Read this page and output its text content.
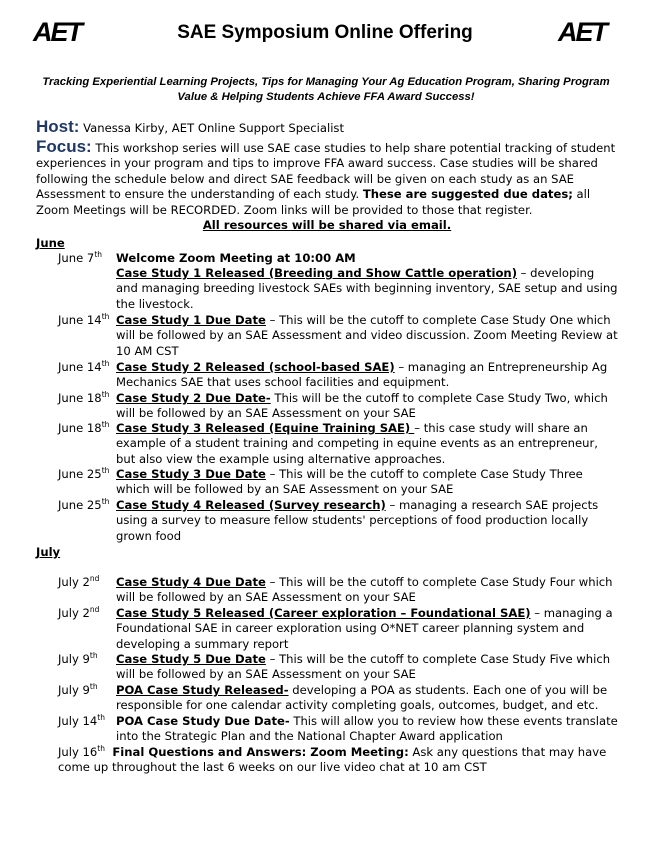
AET	SAE Symposium Online Offering	AET
Tracking Experiential Learning Projects, Tips for Managing Your Ag Education Program, Sharing Program Value & Helping Students Achieve FFA Award Success!
Host: Vanessa Kirby, AET Online Support Specialist
Focus: This workshop series will use SAE case studies to help share potential tracking of student experiences in your program and tips to improve FFA award success. Case studies will be shared following the schedule below and direct SAE feedback will be given on each study as an SAE Assessment to ensure the understanding of each study. These are suggested due dates; all Zoom Meetings will be RECORDED. Zoom links will be provided to those that register.
All resources will be shared via email.
June
June 7th Welcome Zoom Meeting at 10:00 AM
Case Study 1 Released (Breeding and Show Cattle operation) – developing and managing breeding livestock SAEs with beginning inventory, SAE setup and using the livestock.
June 14th Case Study 1 Due Date – This will be the cutoff to complete Case Study One which will be followed by an SAE Assessment and video discussion. Zoom Meeting Review at 10 AM CST
June 14th Case Study 2 Released (school-based SAE) – managing an Entrepreneurship Ag Mechanics SAE that uses school facilities and equipment.
June 18th Case Study 2 Due Date- This will be the cutoff to complete Case Study Two, which will be followed by an SAE Assessment on your SAE
June 18th Case Study 3 Released (Equine Training SAE) – this case study will share an example of a student training and competing in equine events as an entrepreneur, but also view the example using alternative approaches.
June 25th Case Study 3 Due Date – This will be the cutoff to complete Case Study Three which will be followed by an SAE Assessment on your SAE
June 25th Case Study 4 Released (Survey research) – managing a research SAE projects using a survey to measure fellow students' perceptions of food production locally grown food
July
July 2nd Case Study 4 Due Date – This will be the cutoff to complete Case Study Four which will be followed by an SAE Assessment on your SAE
July 2nd Case Study 5 Released (Career exploration – Foundational SAE) – managing a Foundational SAE in career exploration using O*NET career planning system and developing a summary report
July 9th Case Study 5 Due Date – This will be the cutoff to complete Case Study Five which will be followed by an SAE Assessment on your SAE
July 9th POA Case Study Released- developing a POA as students. Each one of you will be responsible for one calendar activity completing goals, outcomes, budget, and etc.
July 14th POA Case Study Due Date- This will allow you to review how these events translate into the Strategic Plan and the National Chapter Award application
July 16th Final Questions and Answers: Zoom Meeting: Ask any questions that may have come up throughout the last 6 weeks on our live video chat at 10 am CST
